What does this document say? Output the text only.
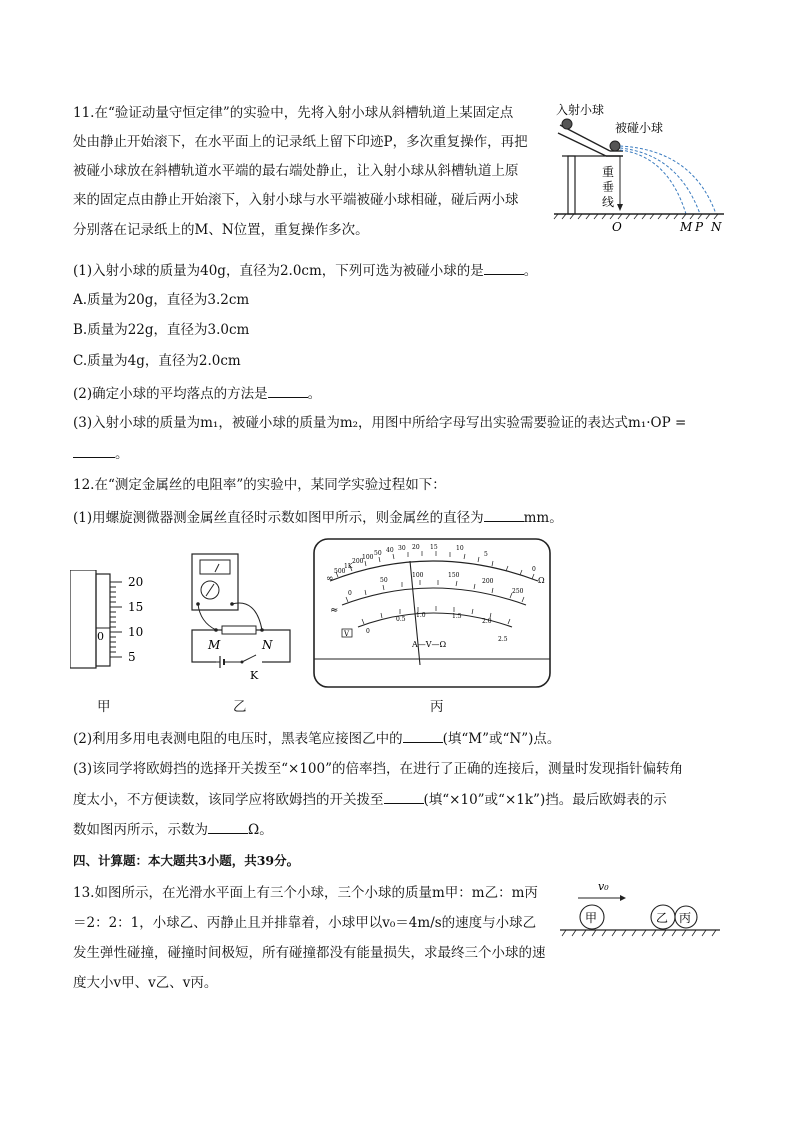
11.在“验证动量守恒定律”的实验中，先将入射小球从斜槽轨道上某固定点
处由静止开始滚下，在水平面上的记录纸上留下印迹P，多次重复操作，再把
被碰小球放在斜槽轨道水平端的最右端处静止，让入射小球从斜槽轨道上原
来的固定点由静止开始滚下，入射小球与水平端被碰小球相碰，碰后两小球
分别落在记录纸上的M、N位置，重复操作多次。
(1)入射小球的质量为40g，直径为2.0cm，下列可选为被碰小球的是	。
A.质量为20g，直径为3.2cm
B.质量为22g，直径为3.0cm
C.质量为4g，直径为2.0cm
(2)确定小球的平均落点的方法是	。
(3)入射小球的质量为m₁，被碰小球的质量为m₂，用图中所给字母写出实验需要验证的表达式m₁·OP =
。
入射小球
被碰小球
重
垂
线
O	M P N
12.在“测定金属丝的电阻率”的实验中，某同学实验过程如下：
(1)用螺旋测微器测金属丝直径时示数如图甲所示，则金属丝的直径为	mm。
20
15
10
5
0
甲
M	N
K
乙
∞
500
1K
200
100
50 40 30 20 15	10
5
0
Ω
0
50
100	150
200
250
0
0.5
1.0	1.5
2.0
2.5
≈
V
A—V—Ω
丙
(2)利用多用电表测电阻的电压时，黑表笔应接图乙中的	(填“M”或“N”)点。
(3)该同学将欧姆挡的选择开关拨至“×100”的倍率挡，在进行了正确的连接后，测量时发现指针偏转角
度太小，不方便读数，该同学应将欧姆挡的开关拨至	(填“×10”或“×1k”)挡。最后欧姆表的示
数如图丙所示，示数为	Ω。
四、计算题：本大题共3小题，共39分。
13.如图所示，在光滑水平面上有三个小球，三个小球的质量m甲：m乙：m丙
＝2：2：1，小球乙、丙静止且并排靠着，小球甲以v₀＝4m/s的速度与小球乙
发生弹性碰撞，碰撞时间极短，所有碰撞都没有能量损失，求最终三个小球的速
度大小v甲、v乙、v丙。
v₀
甲	乙 丙
